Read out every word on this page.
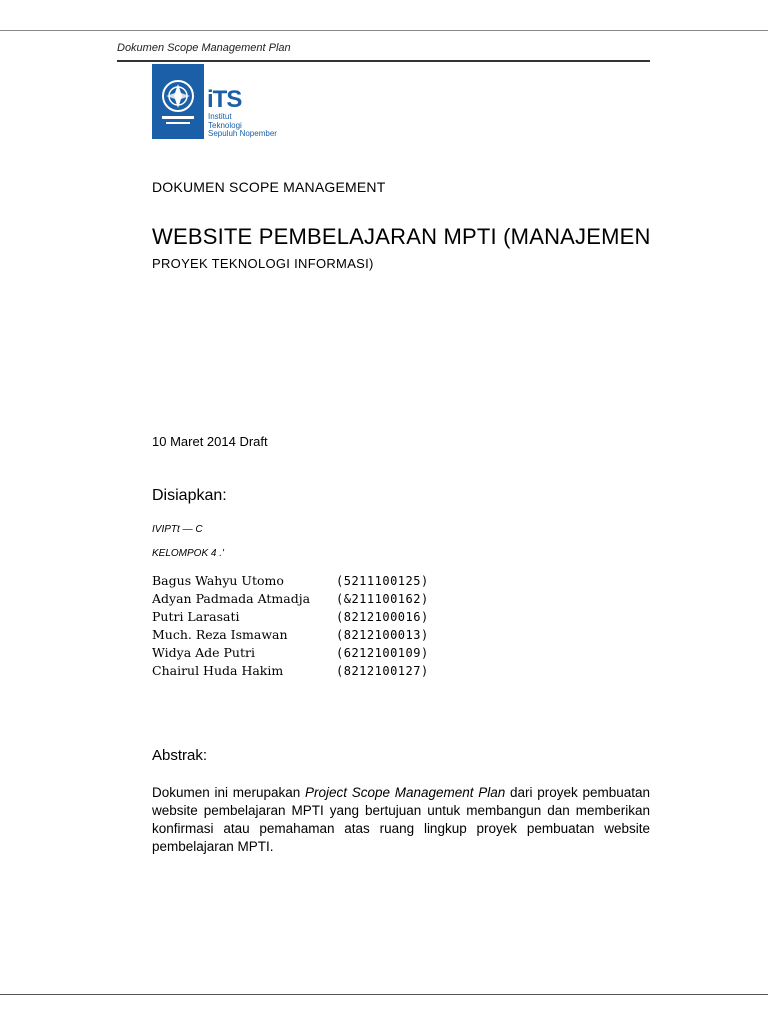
Dokumen Scope Management Plan
iTS
Institut
Teknologi
Sepuluh Nopember
DOKUMEN SCOPE MANAGEMENT
WEBSITE PEMBELAJARAN MPTI (MANAJEMEN
PROYEK TEKNOLOGI INFORMASI)
10 Maret 2014 Draft
Disiapkan:
IVIPTt — C
KELOMPOK 4 .'
Bagus Wahyu Utomo	(5211100125)
Adyan Padmada Atmadja (&211100162)
Putri Larasati	(8212100016)
Much. Reza Ismawan	(8212100013)
Widya Ade Putri	(6212100109)
Chairul Huda Hakim	(8212100127)
Abstrak:
Dokumen ini merupakan Project Scope Management Plan dari proyek pembuatan website pembelajaran MPTI yang bertujuan untuk membangun dan memberikan konfirmasi atau pemahaman atas ruang lingkup proyek pembuatan website pembelajaran MPTI.
